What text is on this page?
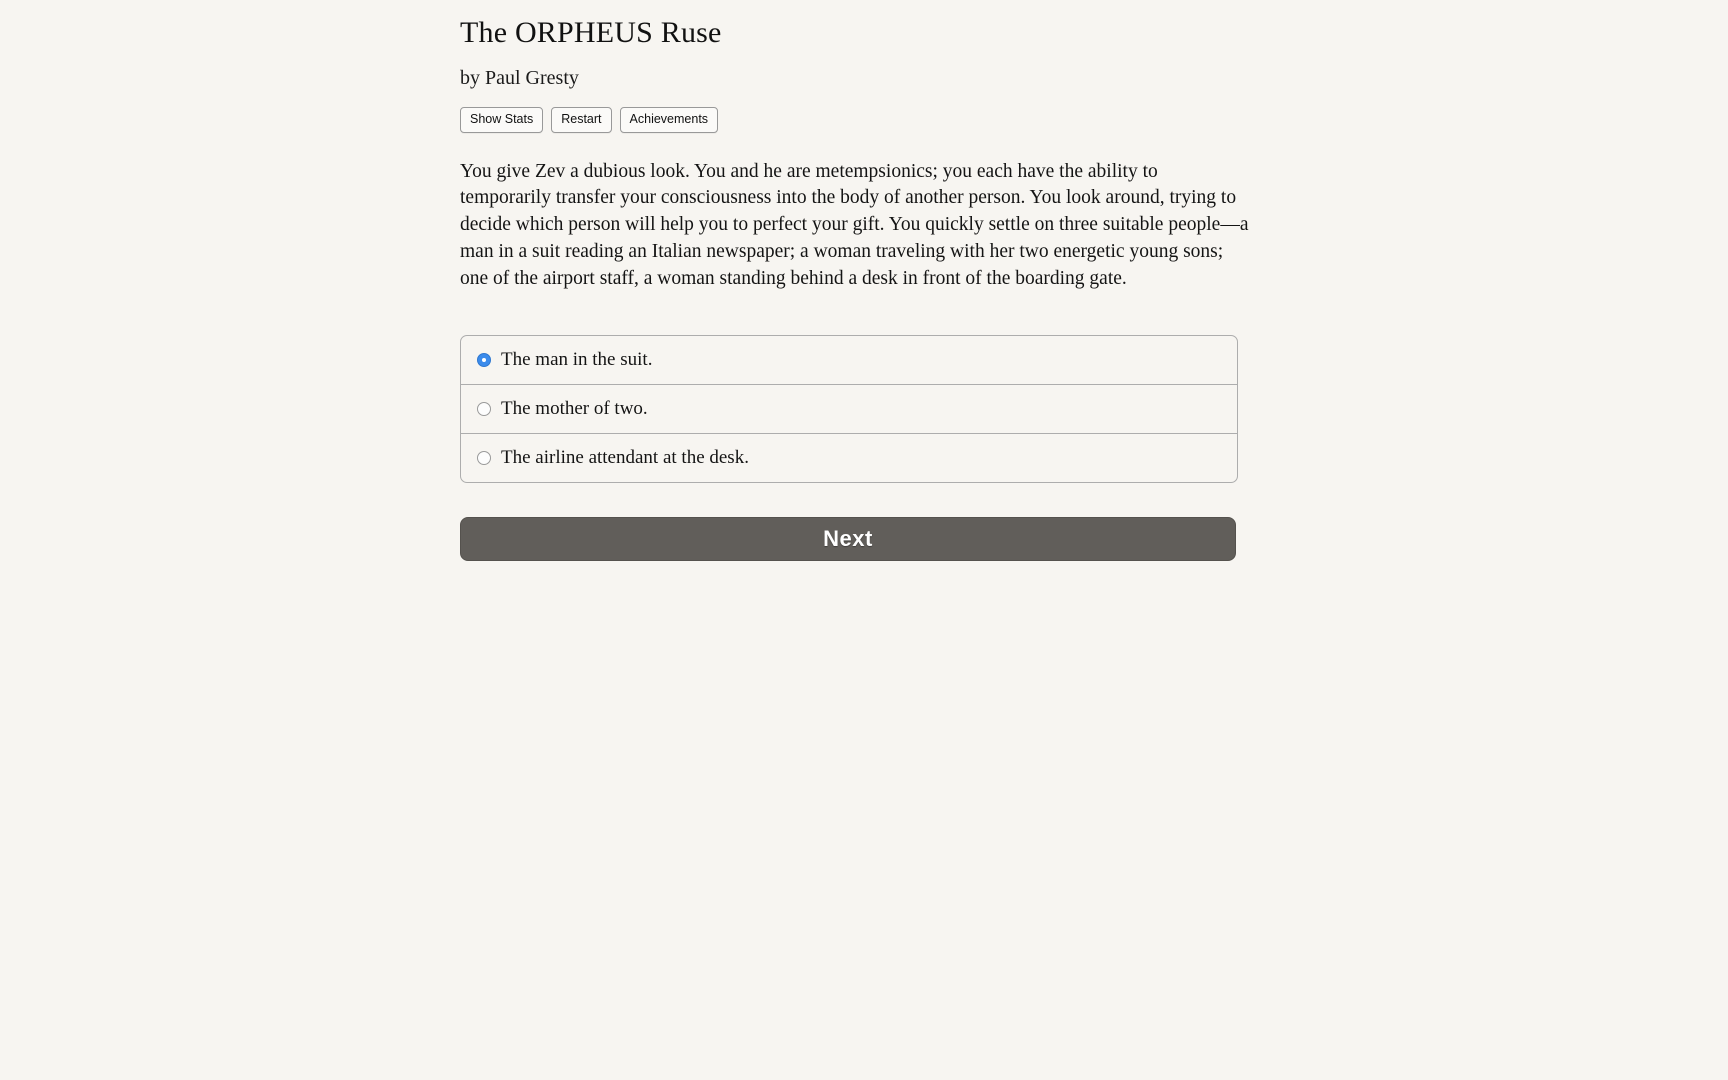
The ORPHEUS Ruse
by Paul Gresty
Show Stats	Restart	Achievements

You give Zev a dubious look. You and he are metempsionics; you each have the ability to temporarily transfer your consciousness into the body of another person. You look around, trying to decide which person will help you to perfect your gift. You quickly settle on three suitable people—a man in a suit reading an Italian newspaper; a woman traveling with her two energetic young sons; one of the airport staff, a woman standing behind a desk in front of the boarding gate.

The man in the suit.
The mother of two.
The airline attendant at the desk.
Next
